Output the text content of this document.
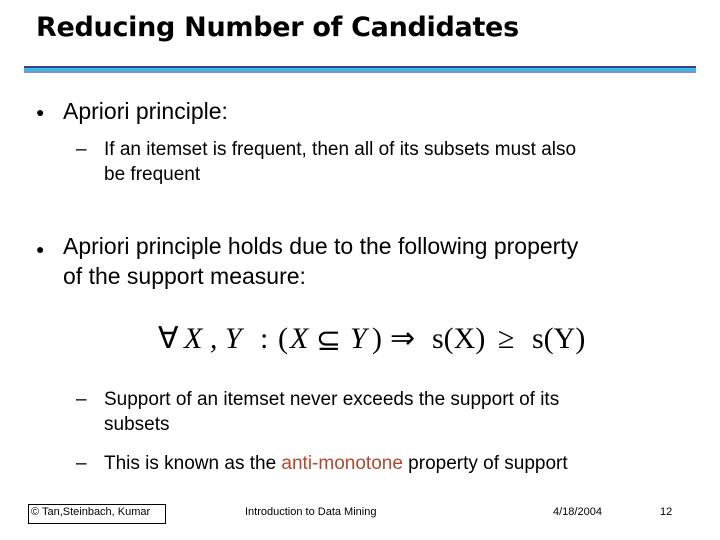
Reducing Number of Candidates
● Apriori principle:
– If an itemset is frequent, then all of its subsets must also
be frequent
● Apriori principle holds due to the following property
of the support measure:
∀ X , Y : ( X ⊆ Y ) ⇒ s(X) ≥ s(Y)
– Support of an itemset never exceeds the support of its
subsets
– This is known as the anti-monotone property of support
© Tan,Steinbach, Kumar	Introduction to Data Mining	4/18/2004	12
